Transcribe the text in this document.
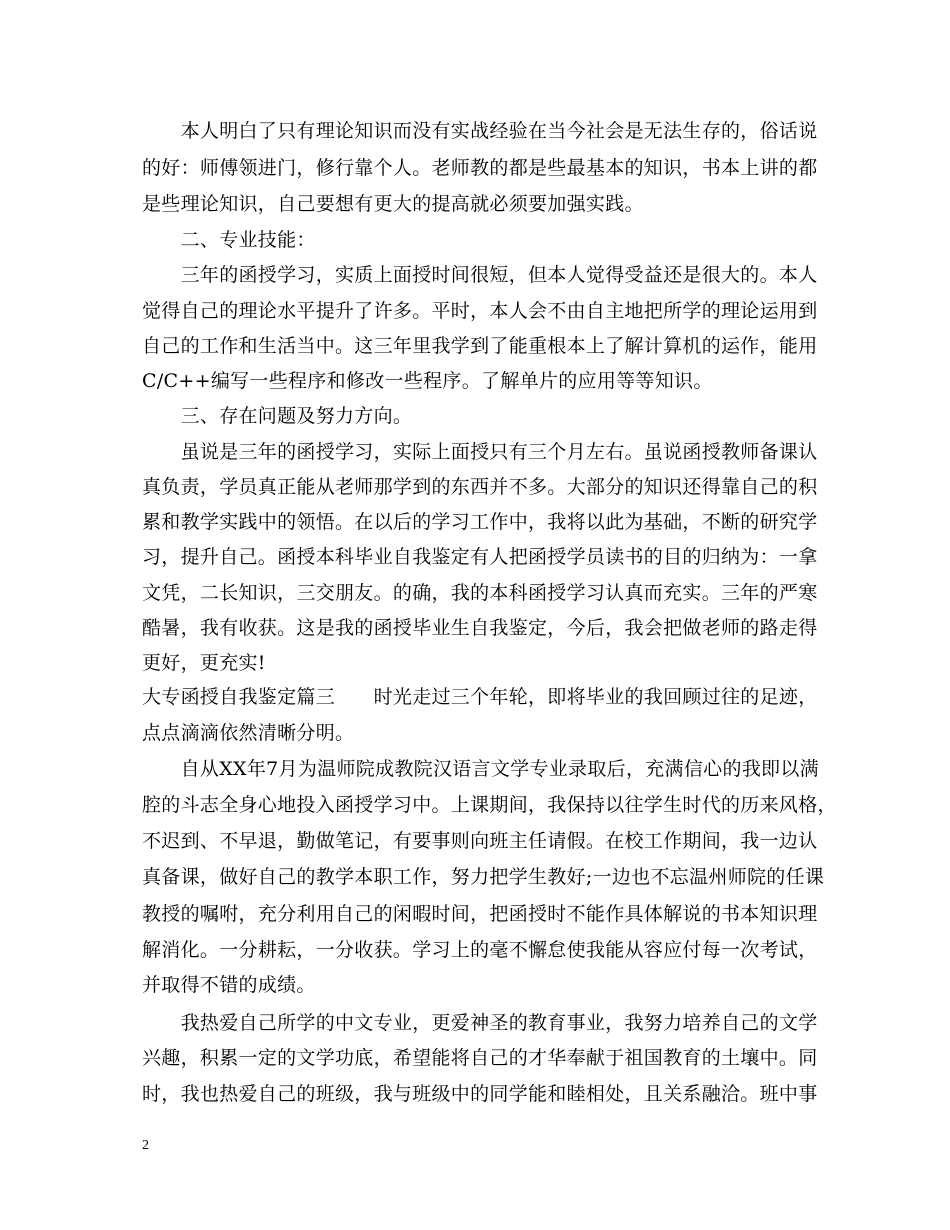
　　本人明白了只有理论知识而没有实战经验在当今社会是无法生存的，俗话说
的好：师傅领进门，修行靠个人。老师教的都是些最基本的知识，书本上讲的都
是些理论知识，自己要想有更大的提高就必须要加强实践。
　　二、专业技能：
　　三年的函授学习，实质上面授时间很短，但本人觉得受益还是很大的。本人
觉得自己的理论水平提升了许多。平时，本人会不由自主地把所学的理论运用到
自己的工作和生活当中。这三年里我学到了能重根本上了解计算机的运作，能用
C/C++编写一些程序和修改一些程序。了解单片的应用等等知识。
　　三、存在问题及努力方向。
　　虽说是三年的函授学习，实际上面授只有三个月左右。虽说函授教师备课认
真负责，学员真正能从老师那学到的东西并不多。大部分的知识还得靠自己的积
累和教学实践中的领悟。在以后的学习工作中，我将以此为基础，不断的研究学
习，提升自己。函授本科毕业自我鉴定有人把函授学员读书的目的归纳为：一拿
文凭，二长知识，三交朋友。的确，我的本科函授学习认真而充实。三年的严寒
酷暑，我有收获。这是我的函授毕业生自我鉴定，今后，我会把做老师的路走得
更好，更充实!
大专函授自我鉴定篇三　　时光走过三个年轮，即将毕业的我回顾过往的足迹，
点点滴滴依然清晰分明。
　　自从XX年7月为温师院成教院汉语言文学专业录取后，充满信心的我即以满
腔的斗志全身心地投入函授学习中。上课期间，我保持以往学生时代的历来风格，
不迟到、不早退，勤做笔记，有要事则向班主任请假。在校工作期间，我一边认
真备课，做好自己的教学本职工作，努力把学生教好;一边也不忘温州师院的任课
教授的嘱咐，充分利用自己的闲暇时间，把函授时不能作具体解说的书本知识理
解消化。一分耕耘，一分收获。学习上的毫不懈怠使我能从容应付每一次考试，
并取得不错的成绩。
　　我热爱自己所学的中文专业，更爱神圣的教育事业，我努力培养自己的文学
兴趣，积累一定的文学功底，希望能将自己的才华奉献于祖国教育的土壤中。同
时，我也热爱自己的班级，我与班级中的同学能和睦相处，且关系融洽。班中事
2
